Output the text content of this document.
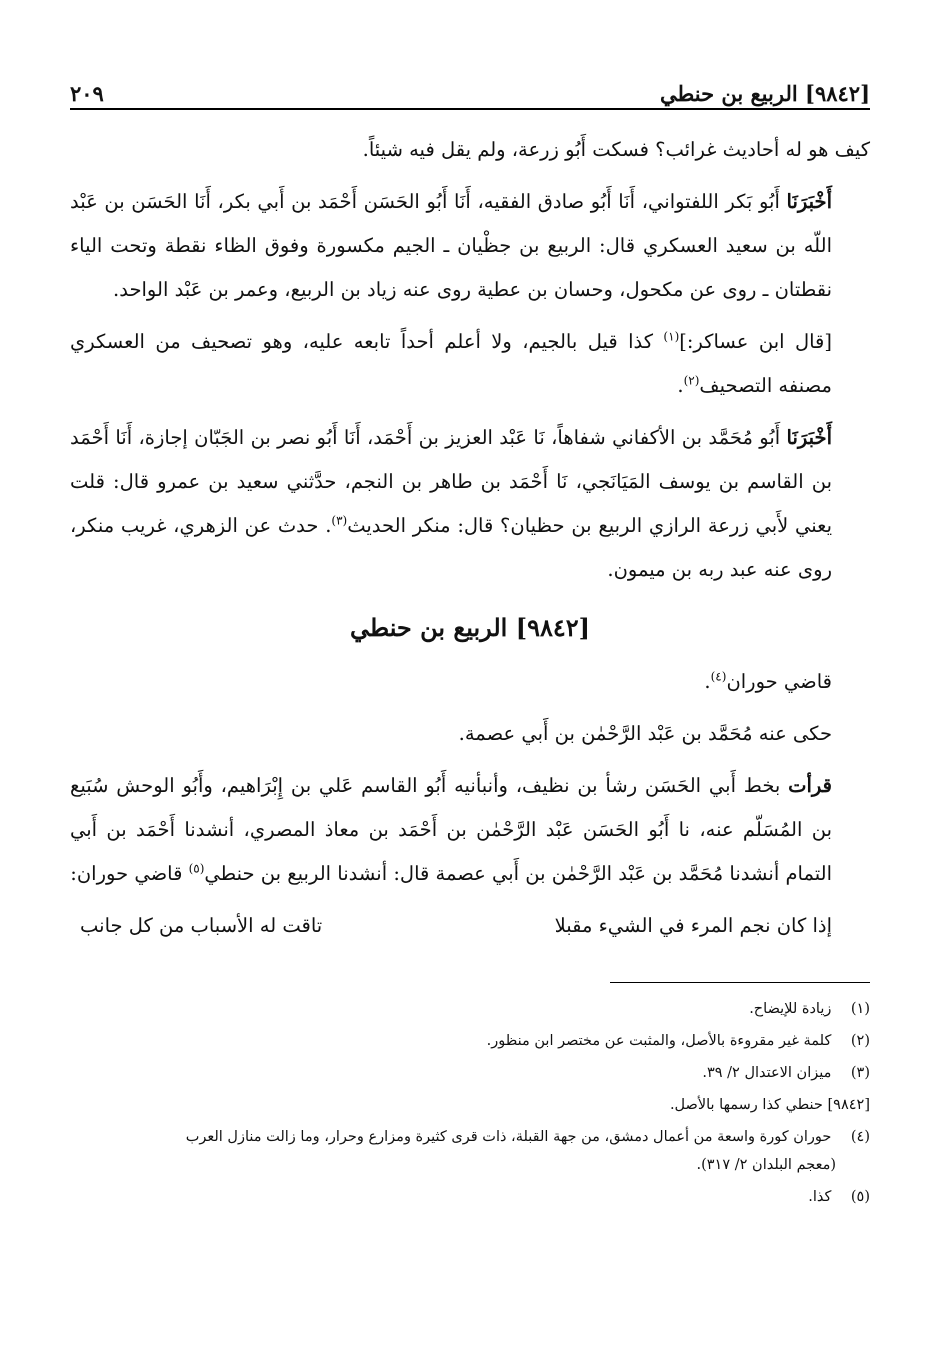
[٩٨٤٢] الربيع بن حنطي
٢٠٩

كيف هو له أحاديث غرائب؟ فسكت أَبُو زرعة، ولم يقل فيه شيئاً.

أَخْبَرَنَا أَبُو بَكر اللفتواني، أَنَا أَبُو صادق الفقيه، أَنَا أَبُو الحَسَن أَحْمَد بن أَبي بكر، أَنَا الحَسَن بن عَبْد اللّه بن سعيد العسكري قال: الربيع بن جظْيان ـ الجيم مكسورة وفوق الظاء نقطة وتحت الياء نقطتان ـ روى عن مكحول، وحسان بن عطية روى عنه زياد بن الربيع، وعمر بن عَبْد الواحد.

[قال ابن عساكر:]$^{(١)}$ كذا قيل بالجيم، ولا أعلم أحداً تابعه عليه، وهو تصحيف من العسكري مصنفه التصحيف$^{(٢)}$.

أَخْبَرَنَا أَبُو مُحَمَّد بن الأكفاني شفاهاً، نَا عَبْد العزيز بن أَحْمَد، أَنَا أَبُو نصر بن الجَبّان إجازة، أَنَا أَحْمَد بن القاسم بن يوسف المَيَانَجي، نَا أَحْمَد بن طاهر بن النجم، حدَّثني سعيد بن عمرو قال: قلت يعني لأَبي زرعة الرازي الربيع بن حظيان؟ قال: منكر الحديث$^{(٣)}$. حدث عن الزهري، غريب منكر، روى عنه عبد ربه بن ميمون.

[٩٨٤٢] الربيع بن حنطي

قاضي حوران$^{(٤)}$.

حكى عنه مُحَمَّد بن عَبْد الرَّحْمٰن بن أَبي عصمة.

قرأت بخط أَبي الحَسَن رشأ بن نظيف، وأنبأنيه أَبُو القاسم عَلي بن إِبْرَاهيم، وأَبُو الوحش سُبَيع بن المُسَلّم عنه، نا أَبُو الحَسَن عَبْد الرَّحْمٰن بن أَحْمَد بن معاذ المصري، أنشدنا أَحْمَد بن أَبي التمام أنشدنا مُحَمَّد بن عَبْد الرَّحْمٰن بن أَبي عصمة قال: أنشدنا الربيع بن حنطي$^{(٥)}$ قاضي حوران:

إذا كان نجم المرء في الشيء مقبلا
تاقت له الأسباب من كل جانب

(١) زيادة للإيضاح.

(٢) كلمة غير مقروءة بالأصل، والمثبت عن مختصر ابن منظور.

(٣) ميزان الاعتدال ٢/ ٣٩.

[٩٨٤٢] حنطي كذا رسمها بالأصل.

(٤) حوران كورة واسعة من أعمال دمشق، من جهة القبلة، ذات قرى كثيرة ومزارع وحرار، وما زالت منازل العرب
(معجم البلدان ٢/ ٣١٧).

(٥) كذا.
